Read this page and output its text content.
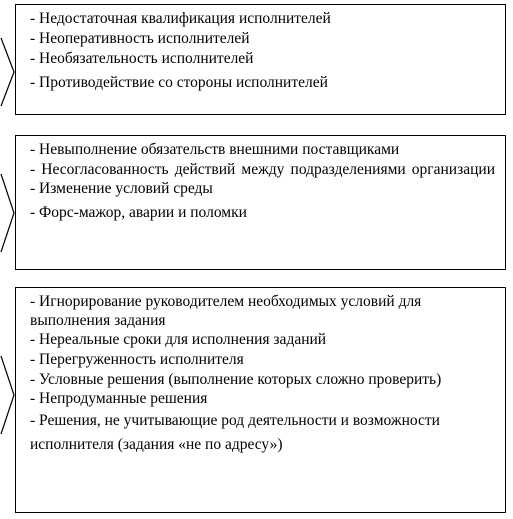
- Недостаточная квалификация исполнителей
- Неоперативность исполнителей
- Необязательность исполнителей
- Противодействие со стороны исполнителей
- Невыполнение обязательств внешними поставщиками
- Несогласованность действий между подразделениями организации
- Изменение условий среды
- Форс-мажор, аварии и поломки
- Игнорирование руководителем необходимых условий для выполнения задания
- Нереальные сроки для исполнения заданий
- Перегруженность исполнителя
- Условные решения (выполнение которых сложно проверить)
- Непродуманные решения
- Решения, не учитывающие род деятельности и возможности исполнителя (задания «не по адресу»)
